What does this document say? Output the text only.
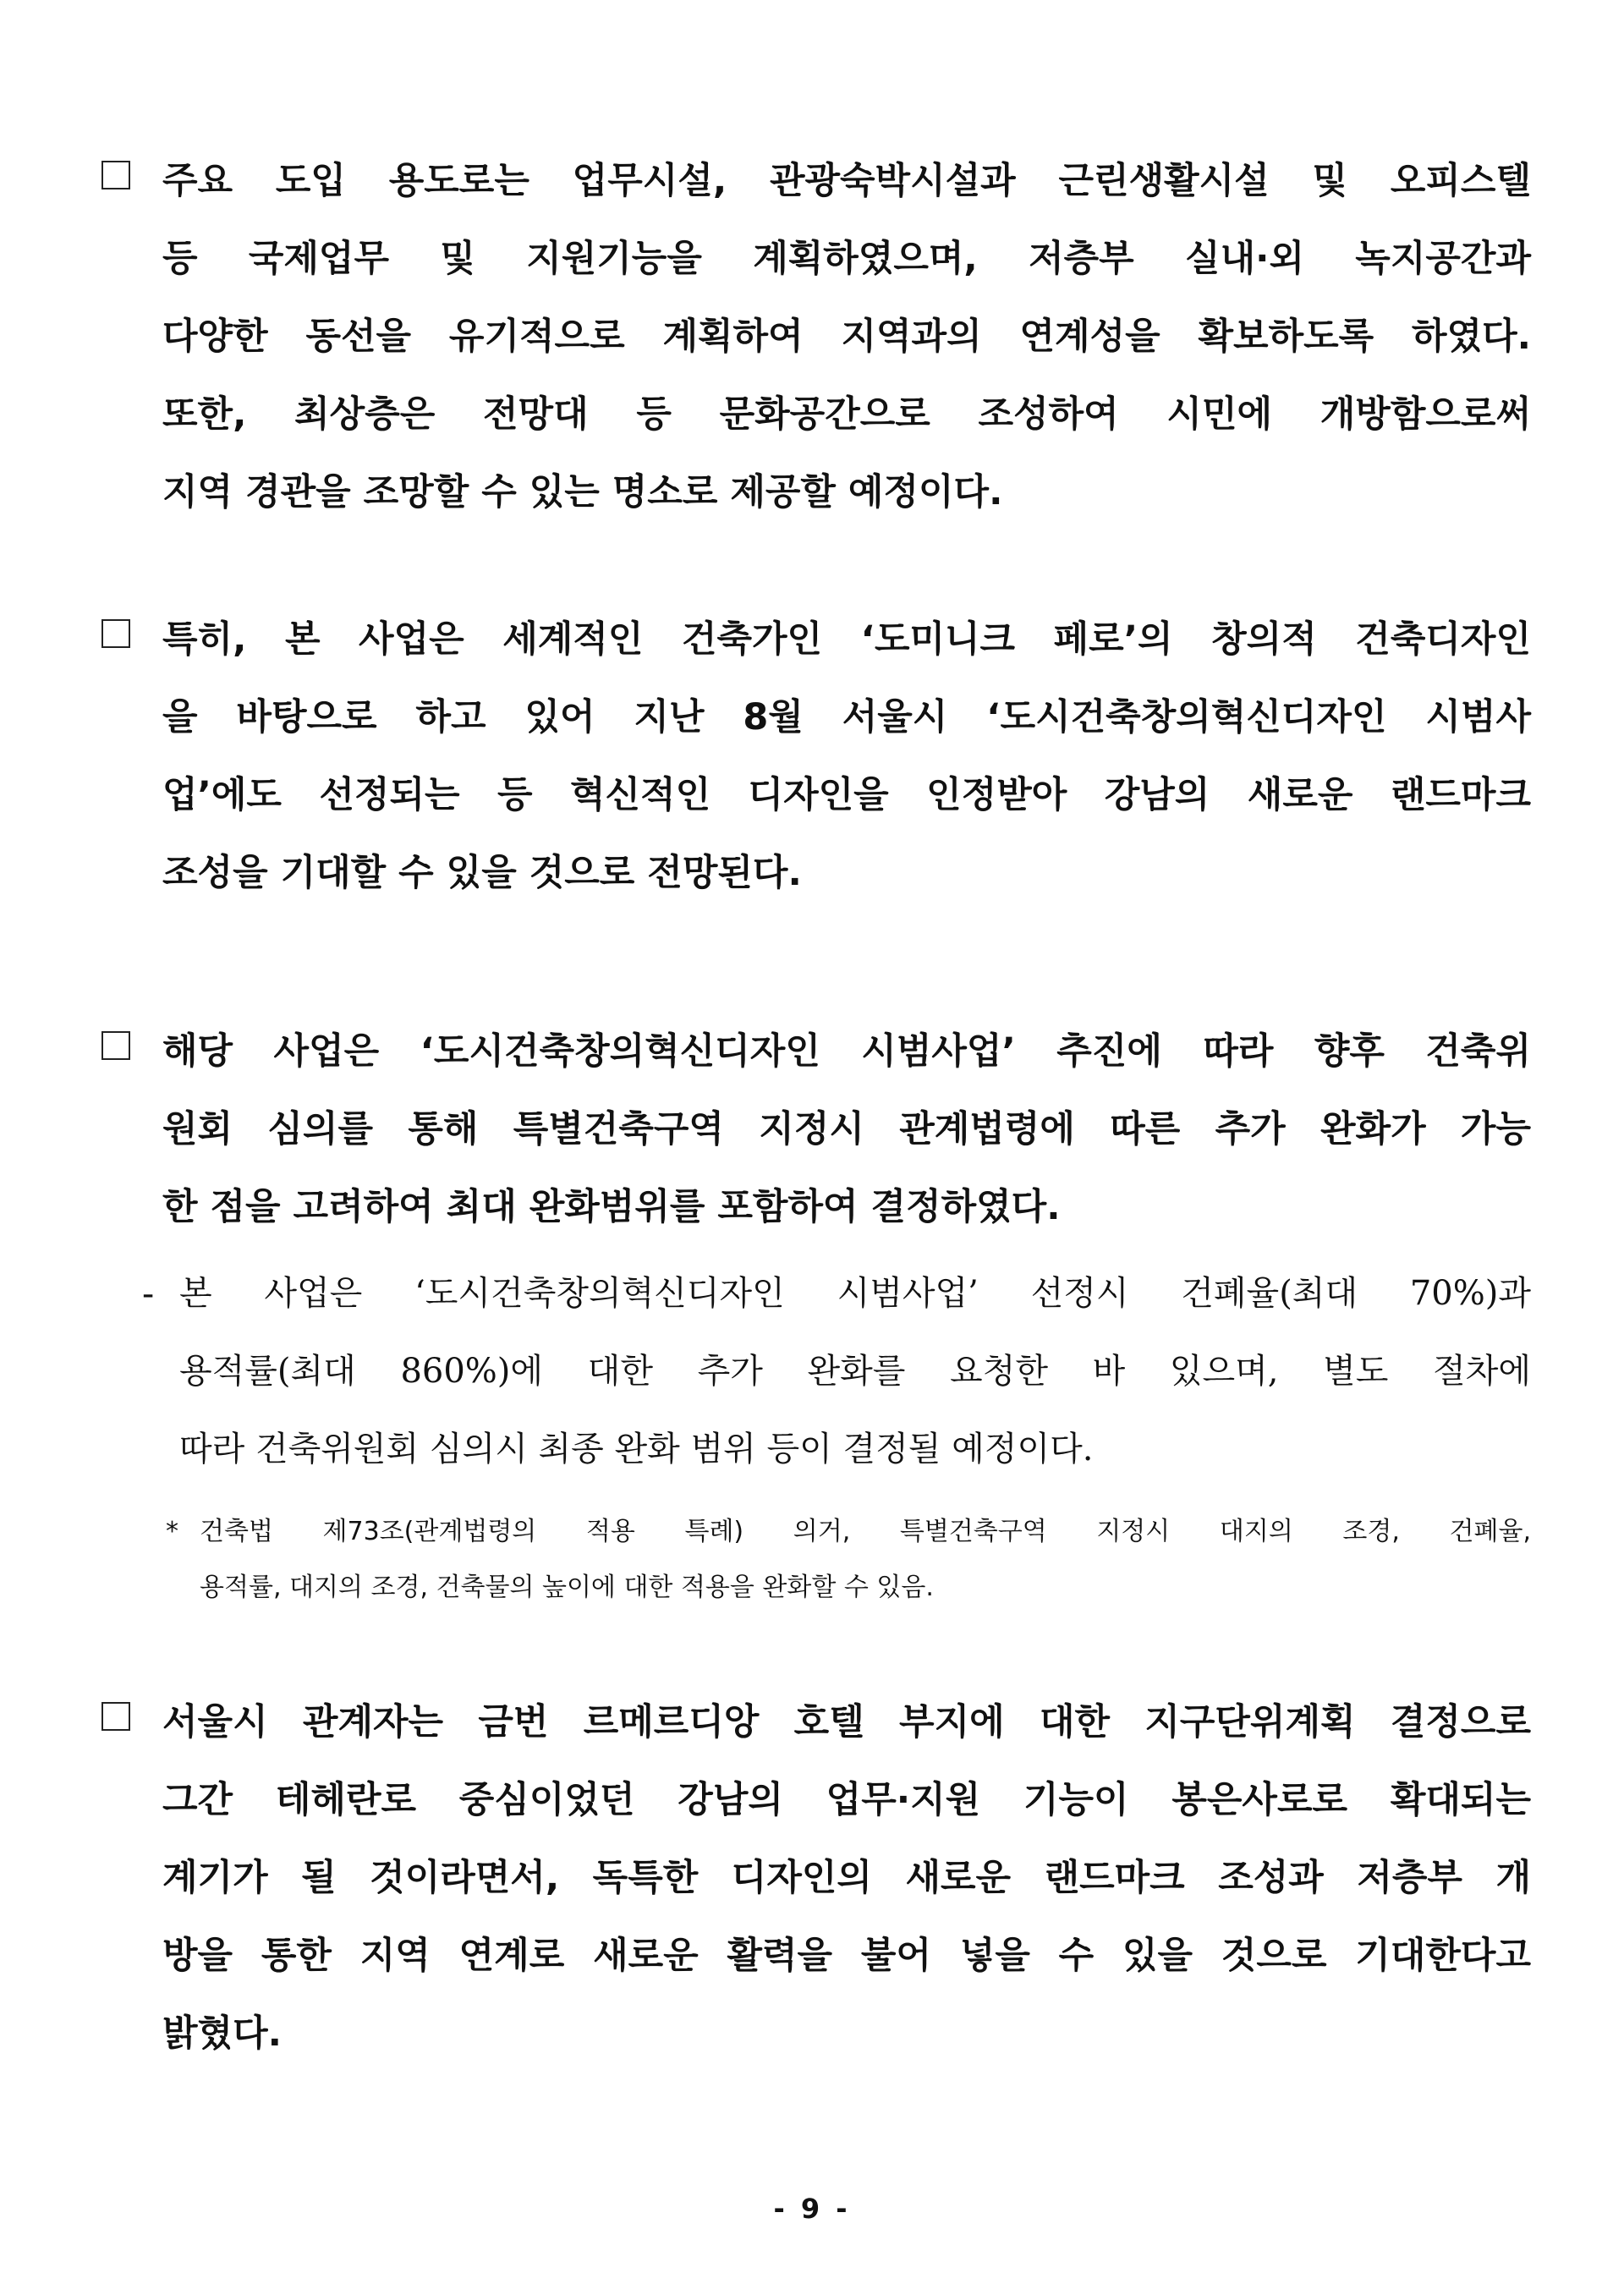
주요 도입 용도로는 업무시설, 관광숙박시설과 근린생활시설 및 오피스텔
등 국제업무 및 지원기능을 계획하였으며, 저층부 실내·외 녹지공간과
다양한 동선을 유기적으로 계획하여 지역과의 연계성을 확보하도록 하였다.
또한, 최상층은 전망대 등 문화공간으로 조성하여 시민에 개방함으로써
지역 경관을 조망할 수 있는 명소로 제공할 예정이다.
특히, 본 사업은 세계적인 건축가인 ‘도미니크 페로’의 창의적 건축디자인
을 바탕으로 하고 있어 지난 8월 서울시 ‘도시건축창의혁신디자인 시범사
업’에도 선정되는 등 혁신적인 디자인을 인정받아 강남의 새로운 랜드마크
조성을 기대할 수 있을 것으로 전망된다.
해당 사업은 ‘도시건축창의혁신디자인 시범사업’ 추진에 따라 향후 건축위
원회 심의를 통해 특별건축구역 지정시 관계법령에 따른 추가 완화가 가능
한 점을 고려하여 최대 완화범위를 포함하여 결정하였다.
- 본 사업은 ‘도시건축창의혁신디자인 시범사업’ 선정시 건폐율(최대 70%)과
용적률(최대 860%)에 대한 추가 완화를 요청한 바 있으며, 별도 절차에
따라 건축위원회 심의시 최종 완화 범위 등이 결정될 예정이다.
* 건축법 제73조(관계법령의 적용 특례) 의거, 특별건축구역 지정시 대지의 조경, 건폐율,
용적률, 대지의 조경, 건축물의 높이에 대한 적용을 완화할 수 있음.
서울시 관계자는 금번 르메르디앙 호텔 부지에 대한 지구단위계획 결정으로
그간 테헤란로 중심이었던 강남의 업무·지원 기능이 봉은사로로 확대되는
계기가 될 것이라면서, 독특한 디자인의 새로운 랜드마크 조성과 저층부 개
방을 통한 지역 연계로 새로운 활력을 불어 넣을 수 있을 것으로 기대한다고
밝혔다.
- 9 -
